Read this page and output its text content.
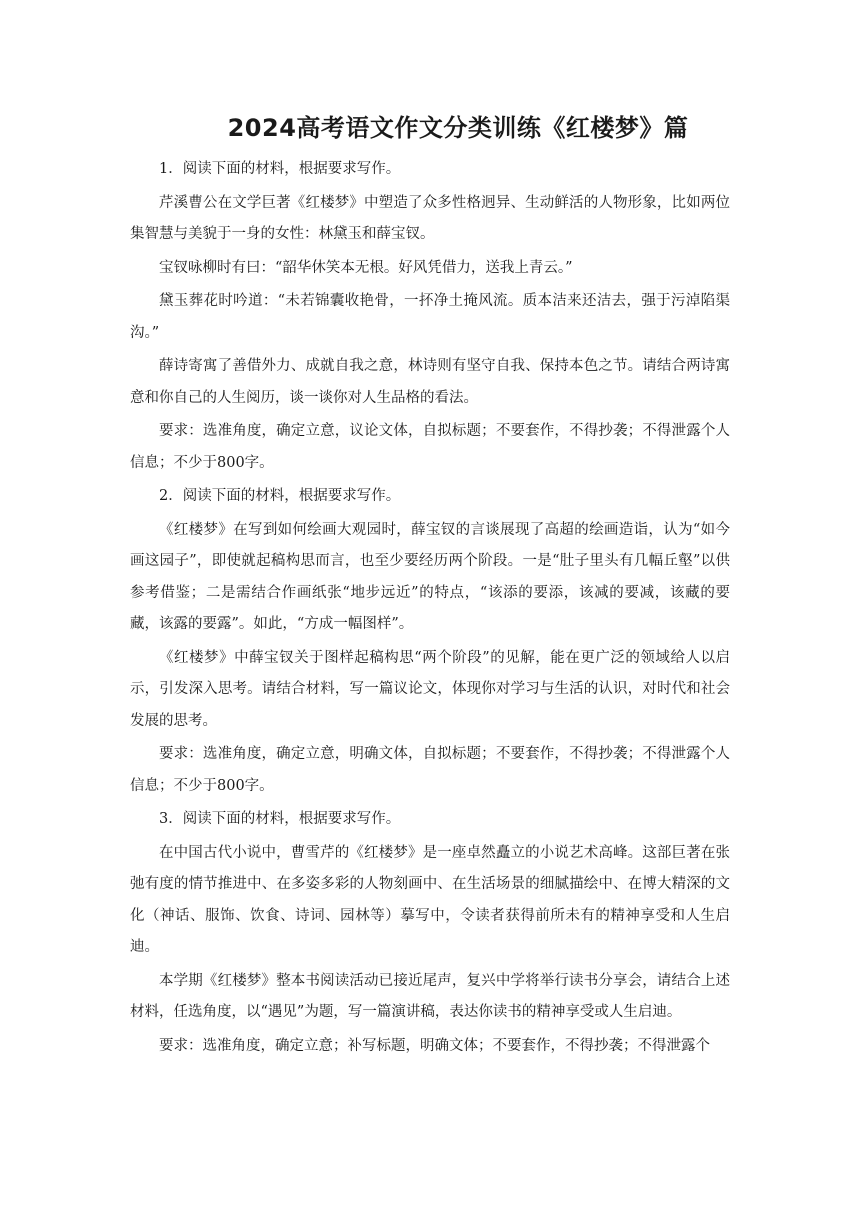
2024高考语文作文分类训练《红楼梦》篇

1．阅读下面的材料，根据要求写作。

芹溪曹公在文学巨著《红楼梦》中塑造了众多性格迥异、生动鲜活的人物形象，比如两位集智慧与美貌于一身的女性：林黛玉和薛宝钗。

宝钗咏柳时有曰：“韶华休笑本无根。好风凭借力，送我上青云。”

黛玉葬花时吟道：“未若锦囊收艳骨，一抔净土掩风流。质本洁来还洁去，强于污淖陷渠沟。”

薛诗寄寓了善借外力、成就自我之意，林诗则有坚守自我、保持本色之节。请结合两诗寓意和你自己的人生阅历，谈一谈你对人生品格的看法。

要求：选准角度，确定立意，议论文体，自拟标题；不要套作，不得抄袭；不得泄露个人信息；不少于800字。

2．阅读下面的材料，根据要求写作。

《红楼梦》在写到如何绘画大观园时，薛宝钗的言谈展现了高超的绘画造诣，认为“如今画这园子”，即使就起稿构思而言，也至少要经历两个阶段。一是“肚子里头有几幅丘壑”以供参考借鉴；二是需结合作画纸张“地步远近”的特点，“该添的要添，该减的要减，该藏的要藏，该露的要露”。如此，“方成一幅图样”。

《红楼梦》中薛宝钗关于图样起稿构思“两个阶段”的见解，能在更广泛的领域给人以启示，引发深入思考。请结合材料，写一篇议论文，体现你对学习与生活的认识，对时代和社会发展的思考。

要求：选准角度，确定立意，明确文体，自拟标题；不要套作，不得抄袭；不得泄露个人信息；不少于800字。

3．阅读下面的材料，根据要求写作。

在中国古代小说中，曹雪芹的《红楼梦》是一座卓然矗立的小说艺术高峰。这部巨著在张弛有度的情节推进中、在多姿多彩的人物刻画中、在生活场景的细腻描绘中、在博大精深的文化（神话、服饰、饮食、诗词、园林等）摹写中，令读者获得前所未有的精神享受和人生启迪。

本学期《红楼梦》整本书阅读活动已接近尾声，复兴中学将举行读书分享会，请结合上述材料，任选角度，以“遇见”为题，写一篇演讲稿，表达你读书的精神享受或人生启迪。

要求：选准角度，确定立意；补写标题，明确文体；不要套作，不得抄袭；不得泄露个
